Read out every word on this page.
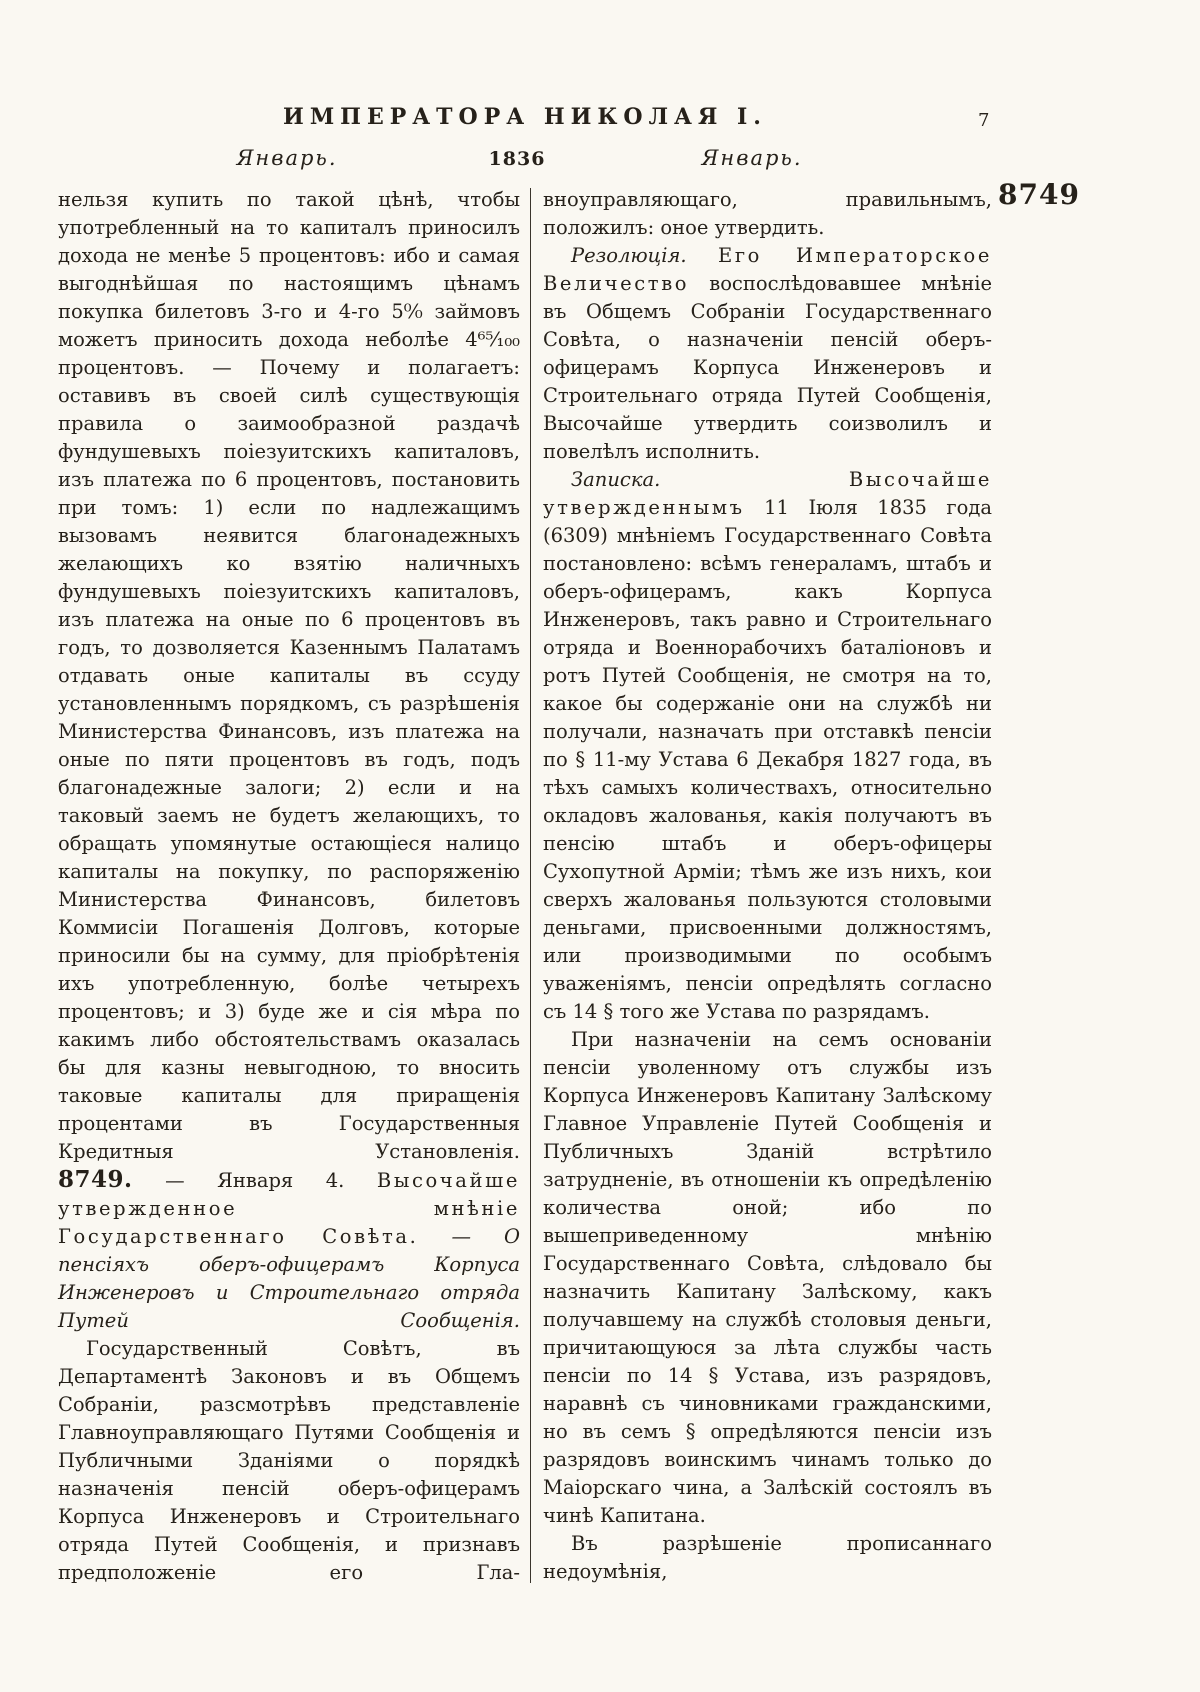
ИМПЕРАТОРА НИКОЛАЯ I.	7
Январь.	1836	Январь.
8749

нельзя купить по такой цѣнѣ, чтобы употребленный на то капиталъ приносилъ дохода не менѣе 5 процентовъ: ибо и самая выгоднѣйшая по настоящимъ цѣнамъ покупка билетовъ 3-го и 4-го 5⁰⁄₀ займовъ можетъ приносить дохода неболѣе 4⁶⁵⁄₁₀₀ процентовъ. — Почему и полагаетъ: оставивъ въ своей силѣ существующія правила о заимообразной раздачѣ фундушевыхъ поіезуитскихъ капиталовъ, изъ платежа по 6 процентовъ, постановить при томъ: 1) если по надлежащимъ вызовамъ неявится благонадежныхъ желающихъ ко взятію наличныхъ фундушевыхъ поіезуитскихъ капиталовъ, изъ платежа на оные по 6 процентовъ въ годъ, то дозволяется Казеннымъ Палатамъ отдавать оные капиталы въ ссуду установленнымъ порядкомъ, съ разрѣшенія Министерства Финансовъ, изъ платежа на оные по пяти процентовъ въ годъ, подъ благонадежные залоги; 2) если и на таковый заемъ не будетъ желающихъ, то обращать упомянутые остающіеся налицо капиталы на покупку, по распоряженію Министерства Финансовъ, билетовъ Коммисіи Погашенія Долговъ, которые приносили бы на сумму, для пріобрѣтенія ихъ употребленную, болѣе четырехъ процентовъ; и 3) буде же и сія мѣра по какимъ либо обстоятельствамъ оказалась бы для казны невыгодною, то вносить таковые капиталы для приращенія процентами въ Государственныя Кредитныя Установленія.

8749. — Января 4. Высочайше утвержденное мнѣніе Государственнаго Совѣта. — О пенсіяхъ оберъ-офицерамъ Корпуса Инженеровъ и Строительнаго отряда Путей Сообщенія.

Государственный Совѣтъ, въ Департаментѣ Законовъ и въ Общемъ Собраніи, разсмотрѣвъ представленіе Главноуправляющаго Путями Сообщенія и Публичными Зданіями о порядкѣ назначенія пенсій оберъ-офицерамъ Корпуса Инженеровъ и Строительнаго отряда Путей Сообщенія, и признавъ предположеніе его Гла-

вноуправляющаго, правильнымъ, положилъ: оное утвердить.

Резолюція. Его Императорское Величество воспослѣдовавшее мнѣніе въ Общемъ Собраніи Государственнаго Совѣта, о назначеніи пенсій оберъ-офицерамъ Корпуса Инженеровъ и Строительнаго отряда Путей Сообщенія, Высочайше утвердить соизволилъ и повелѣлъ исполнить.

Записка.	Высочайше утвержденнымъ 11 Іюля 1835 года (6309) мнѣніемъ Государственнаго Совѣта постановлено: всѣмъ генераламъ, штабъ и оберъ-офицерамъ, какъ Корпуса Инженеровъ, такъ равно и Строительнаго отряда и Военнорабочихъ баталіоновъ и ротъ Путей Сообщенія, не смотря на то, какое бы содержаніе они на службѣ ни получали, назначать при отставкѣ пенсіи по § 11-му Устава 6 Декабря 1827 года, въ тѣхъ самыхъ количествахъ, относительно окладовъ жалованья, какія получаютъ въ пенсію штабъ и оберъ-офицеры Сухопутной Арміи; тѣмъ же изъ нихъ, кои сверхъ жалованья пользуются столовыми деньгами, присвоенными должностямъ, или производимыми по особымъ уваженіямъ, пенсіи опредѣлять согласно съ 14 § того же Устава по разрядамъ.

При назначеніи на семъ основаніи пенсіи уволенному отъ службы изъ Корпуса Инженеровъ Капитану Залѣскому Главное Управленіе Путей Сообщенія и Публичныхъ Зданій встрѣтило затрудненіе, въ отношеніи къ опредѣленію количества оной; ибо по вышеприведенному мнѣнію Государственнаго Совѣта, слѣдовало бы назначить Капитану Залѣскому, какъ получавшему на службѣ столовыя деньги, причитающуюся за лѣта службы часть пенсіи по 14 § Устава, изъ разрядовъ, наравнѣ съ чиновниками гражданскими, но въ семъ § опредѣляются пенсіи изъ разрядовъ воинскимъ чинамъ только до Маіорскаго чина, а Залѣскій состоялъ въ чинѣ Капитана.

Въ разрѣшеніе прописаннаго недоумѣнія,
